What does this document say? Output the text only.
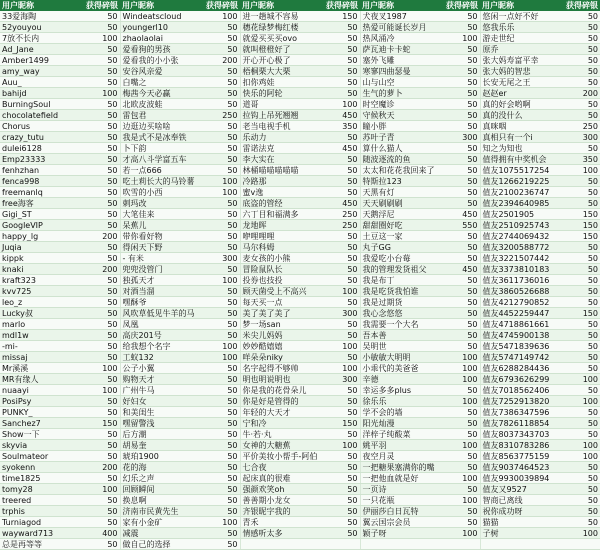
用户昵称	获得碎银	用户昵称	获得碎银	用户昵称	获得碎银	用户昵称	获得碎银	用户昵称	获得碎银
33爱海陶	50	Windeatscloud	100	进一趟城不容易	150	犬夜叉1987	50	悠闲一点好不好	50
52youyou	50	youngerl10	50	穗花绿梦梅红楼	50	热爱可能诞长岁月	50	悠我乐乐	50
7放不长内	100	zhaolaolai	50	就爱买买买ovo	50	热风涌冷	100	游走世纪	50
Ad_Jane	50	爱看狗的男孩	50	就叫橙橙好了	50	萨瓦迪卡卡蛇	50	原乔	50
Amber1499	50	爱看我的小小张	200	开心开心极了	50	塞外飞雕	50	张大妈寿富平幸	50
amy_way	50	安谷风亲爱	50	梧桐栗大大栗	50	寒寥四曲瑟曼	50	张大妈的智悲	50
Auu_	50	白嘴之	50	扣你鸡娃	50	山与山空	50	长安无尾之王	50
bahijd	100	梅茜今天必赢	50	快乐的阿轮	50	生气的萝卜	50	赵赵er	200
BurningSoul	50	北欧皮波蛙	50	道哥	100	时空魔诊	50	真的好会哟啊	50
chocolatefield	50	雷包君	250	拉钩上吊死翘翘	450	守候秋天	50	真的没什么	50
Chorus	50	边逛边买啥啥	50	老当电视手机	350	瞳小胖	50	真咪咽	250
crazy_tutu	50	我是式不是冰奉铁	50	乐动力	50	苏叶子青	300	真相只有一个i	300
dulei6128	50	卜下韵	50	雷诺法克	450	算什么猫人	50	知之为知也	50
Emp23333	50	才高八斗学富五车	50	李大实在	50	随波逐流的鱼	50	值得拥有中奖机会	350
fenhzhan	50	若一点666	50	林桶喵喵喵喵喵	50	太太和花花我回来了	50	值友1075517254	100
fenca998	50	吃土莉长大的马铃薯	100	冷路那	50	特斯拉123	50	值友1266219225	50
freemanlq	50	吹雪的小西	100	蜜v逸	50	天黑有灯	50	值友2100236747	50
free海客	50	刺玛改	50	底盗的管经	450	天天刷刷刷	50	值友2394640985	50
Gigi_ST	50	大笔佳来	50	六丁目和福满多	250	天鹅浮尼	450	值友2501905	150
GoogleVIP	50	呆蕉儿	50	龙地晖	250	甜甜圈好吃	550	值友2510925743	150
happy_lg	200	带你看好物	50	咿哩哩哩	50	土豆这一家	50	值友2744069432	150
Juqia	50	得闲天下野	50	马尔科姆	50	丸子GG	50	值友3200588772	50
kippk	50	- 有米	300	麦女孩的小熊	50	我爱吃小台莓	50	值友3221507442	50
knaki	200	兜兜没管门	50	冒险鼠队长	50	我的管理发货祖父	450	值友3373810183	50
kraft323	50	独孤天才	100	投券也技投	50	我是布丁	50	值友3611736016	50
kvv725	50	对酒当溜	50	顾天菌受上不高兴	100	我是吃货我怕谁	50	值友3860526688	50
leo_z	50	嘿酥爷	50	每天买一点	50	我是过期货	50	值友4212790852	50
Lucky叔	50	风吹草低见牛羊的马	50	美了美了美了	300	我心念悠悠	50	值友4452259447	150
marlo	50	凤凰	50	梦一场san	50	我需要一个大名	50	值友4718861661	50
mdl1w	50	高庆201号	50	米尖儿妈妈	50	吾本善	50	值友4745900138	50
-mi-	50	给我想个名字	100	妙妙酷嬉嬉	100	吴明世	50	值友5471839636	50
missaj	50	工蚁132	100	咩朵朵niky	50	小敏敏大明明	100	值友5747149742	50
Mr溪溪	100	公子小翼	50	名字起得不够帅	100	小乖代的美爸爸	100	值友6288284436	50
MR有缘人	50	购物天才	50	明也明说明也	300	辛德	100	值友6793626299	100
nuaayi	100	广州牛马	50	你是我的花骨朵儿	50	幸运多多plus	50	值友7018562406	50
PosiPsy	50	好妇女	50	你是好是管得的	50	徐乐乐	100	值友7252913820	100
PUNKY_	50	和美闺生	50	年轻的大天才	50	学不会的墙	50	值友7386347596	50
Sanchez7	150	嘿留警浅	50	宁和冷	150	阳光灿漫	50	值友7826118854	50
Show一下	50	后方潮	50	牛·若·丸	50	洋梓子纯酸菜	50	值友8037343703	50
skyvia	50	胡易奎	50	女神的大糖蕉	100	姚平羽	100	值友8310783286	100
Soulmateor	50	琥珀1900	50	平价美妆小帮手-阿伯	50	夜空月灵	50	值友8563775159	100
syokenn	200	花的海	50	七合夜	50	一把糖果塞满你的嘴	50	值友9037464523	50
time1825	50	幻乐之声	50	起床真的很难	50	一把他血就是好	100	值友9930039894	50
tomy28	100	回顾瞬间	50	强颜欢笑oh	50	一页诗	50	值友又9527	50
treered	50	换息啊	50	善善期小龙女	50	一只花瓶	100	智商已离线	50
trphis	50	济南市民黄先生	50	齐银昵字我的	50	伊丽莎白日瓦特	50	祝你成功呀	50
Turniagod	50	家有小金矿	100	青禾	50	翼云国宗会员	50	猫猫	50
wayward713	400	减震	50	情感听太多	50	颖子呀	100	子树	100
总是再等等	50	做自己的选择	50						
